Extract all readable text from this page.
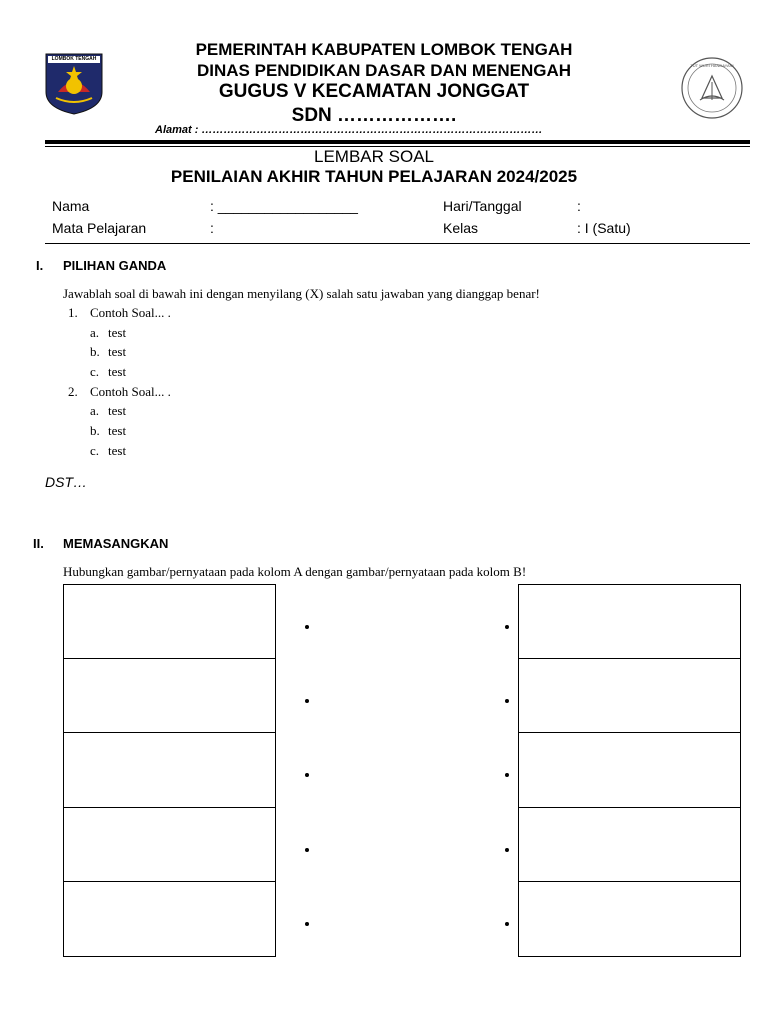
LOMBOK TENGAH
TUT WURI HANDAYANI
PEMERINTAH KABUPATEN LOMBOK TENGAH
DINAS PENDIDIKAN DASAR DAN MENENGAH
GUGUS V KECAMATAN JONGGAT
SDN ……………….
Alamat : …………………………………………………………………………………
LEMBAR SOAL
PENILAIAN AKHIR TAHUN PELAJARAN 2024/2025
Nama	: __________________	Hari/Tanggal	:
Mata Pelajaran	:	Kelas	: I (Satu)
I. PILIHAN GANDA
Jawablah soal di bawah ini dengan menyilang (X) salah satu jawaban yang dianggap benar!
1. Contoh Soal... .
a. test
b. test
c. test
2. Contoh Soal... .
a. test
b. test
c. test
DST…
II. MEMASANGKAN
Hubungkan gambar/pernyataan pada kolom A dengan gambar/pernyataan pada kolom B!
